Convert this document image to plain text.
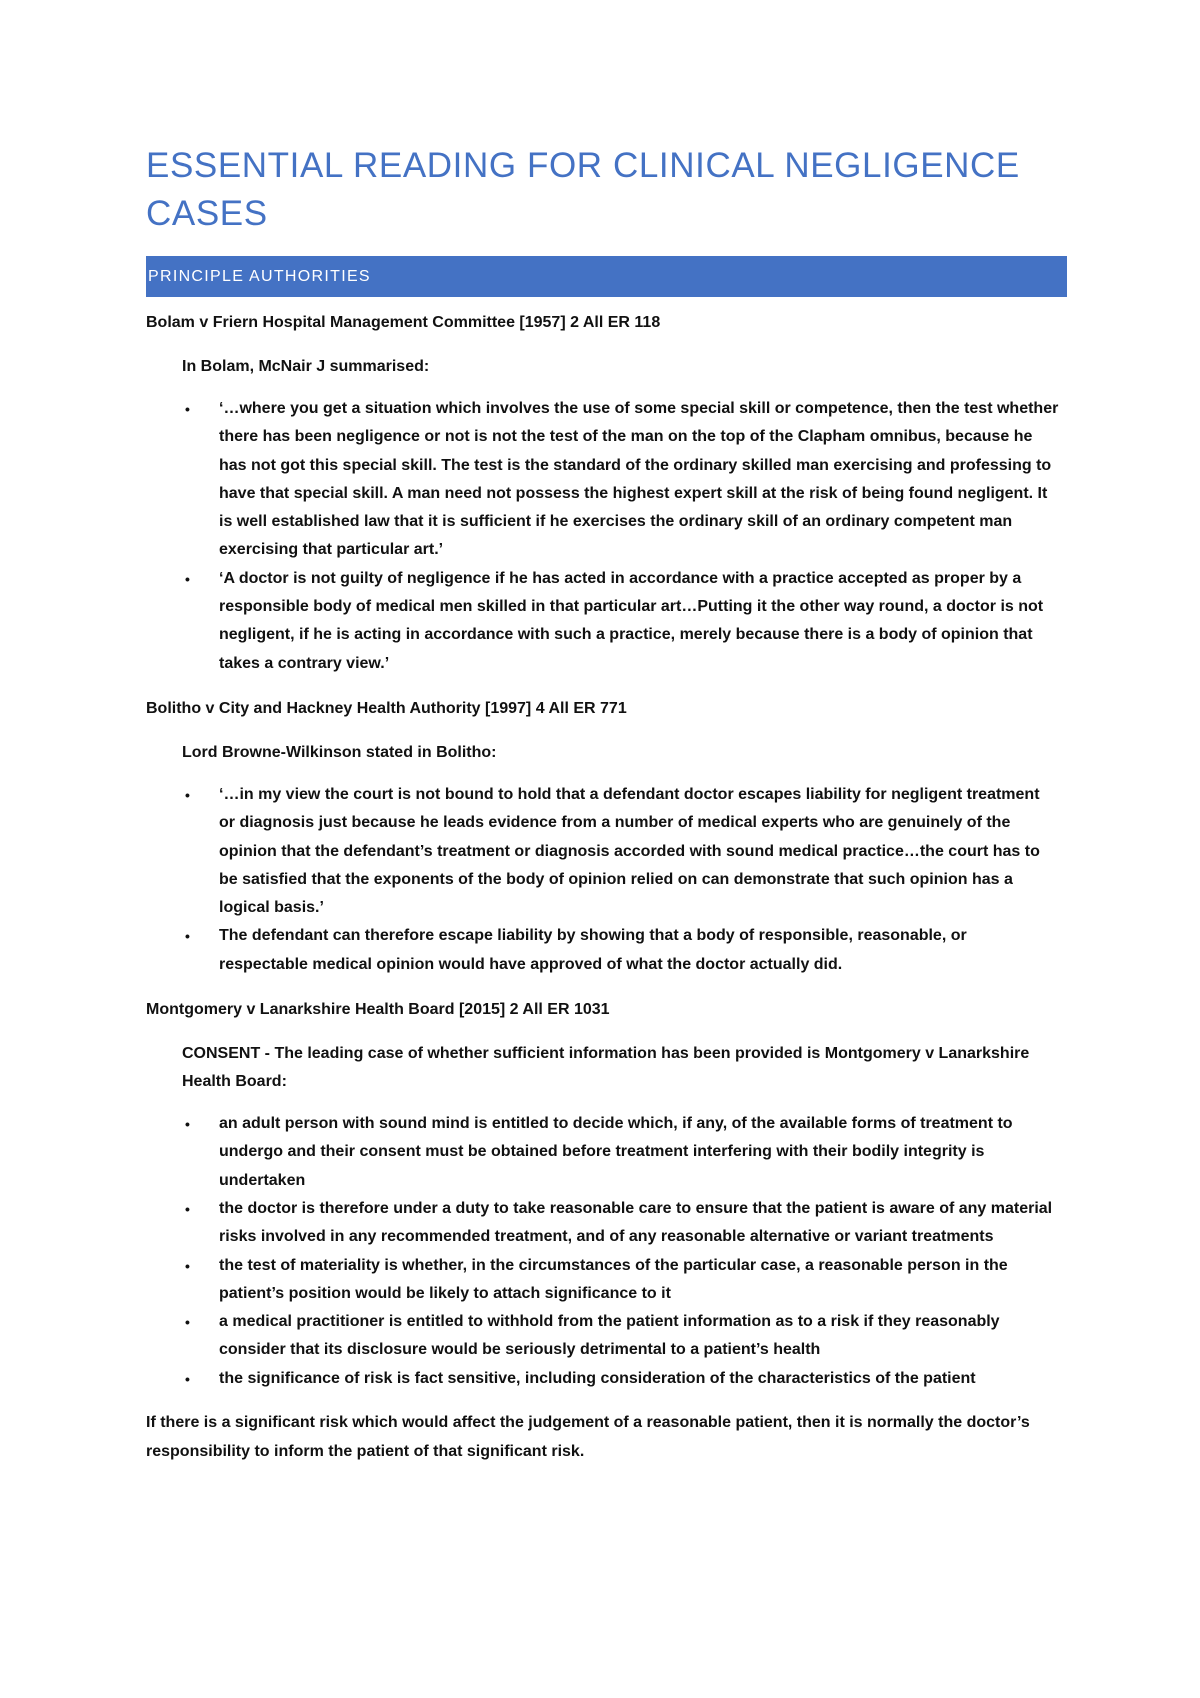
ESSENTIAL READING FOR CLINICAL NEGLIGENCE CASES
PRINCIPLE AUTHORITIES
Bolam v Friern Hospital Management Committee [1957] 2 All ER 118
In Bolam, McNair J summarised:
• ‘…where you get a situation which involves the use of some special skill or competence, then the test whether there has been negligence or not is not the test of the man on the top of the Clapham omnibus, because he has not got this special skill. The test is the standard of the ordinary skilled man exercising and professing to have that special skill. A man need not possess the highest expert skill at the risk of being found negligent. It is well established law that it is sufficient if he exercises the ordinary skill of an ordinary competent man exercising that particular art.’
• ‘A doctor is not guilty of negligence if he has acted in accordance with a practice accepted as proper by a responsible body of medical men skilled in that particular art…Putting it the other way round, a doctor is not negligent, if he is acting in accordance with such a practice, merely because there is a body of opinion that takes a contrary view.’
Bolitho v City and Hackney Health Authority [1997] 4 All ER 771
Lord Browne-Wilkinson stated in Bolitho:
• ‘…in my view the court is not bound to hold that a defendant doctor escapes liability for negligent treatment or diagnosis just because he leads evidence from a number of medical experts who are genuinely of the opinion that the defendant’s treatment or diagnosis accorded with sound medical practice…the court has to be satisfied that the exponents of the body of opinion relied on can demonstrate that such opinion has a logical basis.’
• The defendant can therefore escape liability by showing that a body of responsible, reasonable, or respectable medical opinion would have approved of what the doctor actually did.
Montgomery v Lanarkshire Health Board [2015] 2 All ER 1031
CONSENT - The leading case of whether sufficient information has been provided is Montgomery v Lanarkshire Health Board:
• an adult person with sound mind is entitled to decide which, if any, of the available forms of treatment to undergo and their consent must be obtained before treatment interfering with their bodily integrity is undertaken
• the doctor is therefore under a duty to take reasonable care to ensure that the patient is aware of any material risks involved in any recommended treatment, and of any reasonable alternative or variant treatments
• the test of materiality is whether, in the circumstances of the particular case, a reasonable person in the patient’s position would be likely to attach significance to it
• a medical practitioner is entitled to withhold from the patient information as to a risk if they reasonably consider that its disclosure would be seriously detrimental to a patient’s health
• the significance of risk is fact sensitive, including consideration of the characteristics of the patient
If there is a significant risk which would affect the judgement of a reasonable patient, then it is normally the doctor’s responsibility to inform the patient of that significant risk.
